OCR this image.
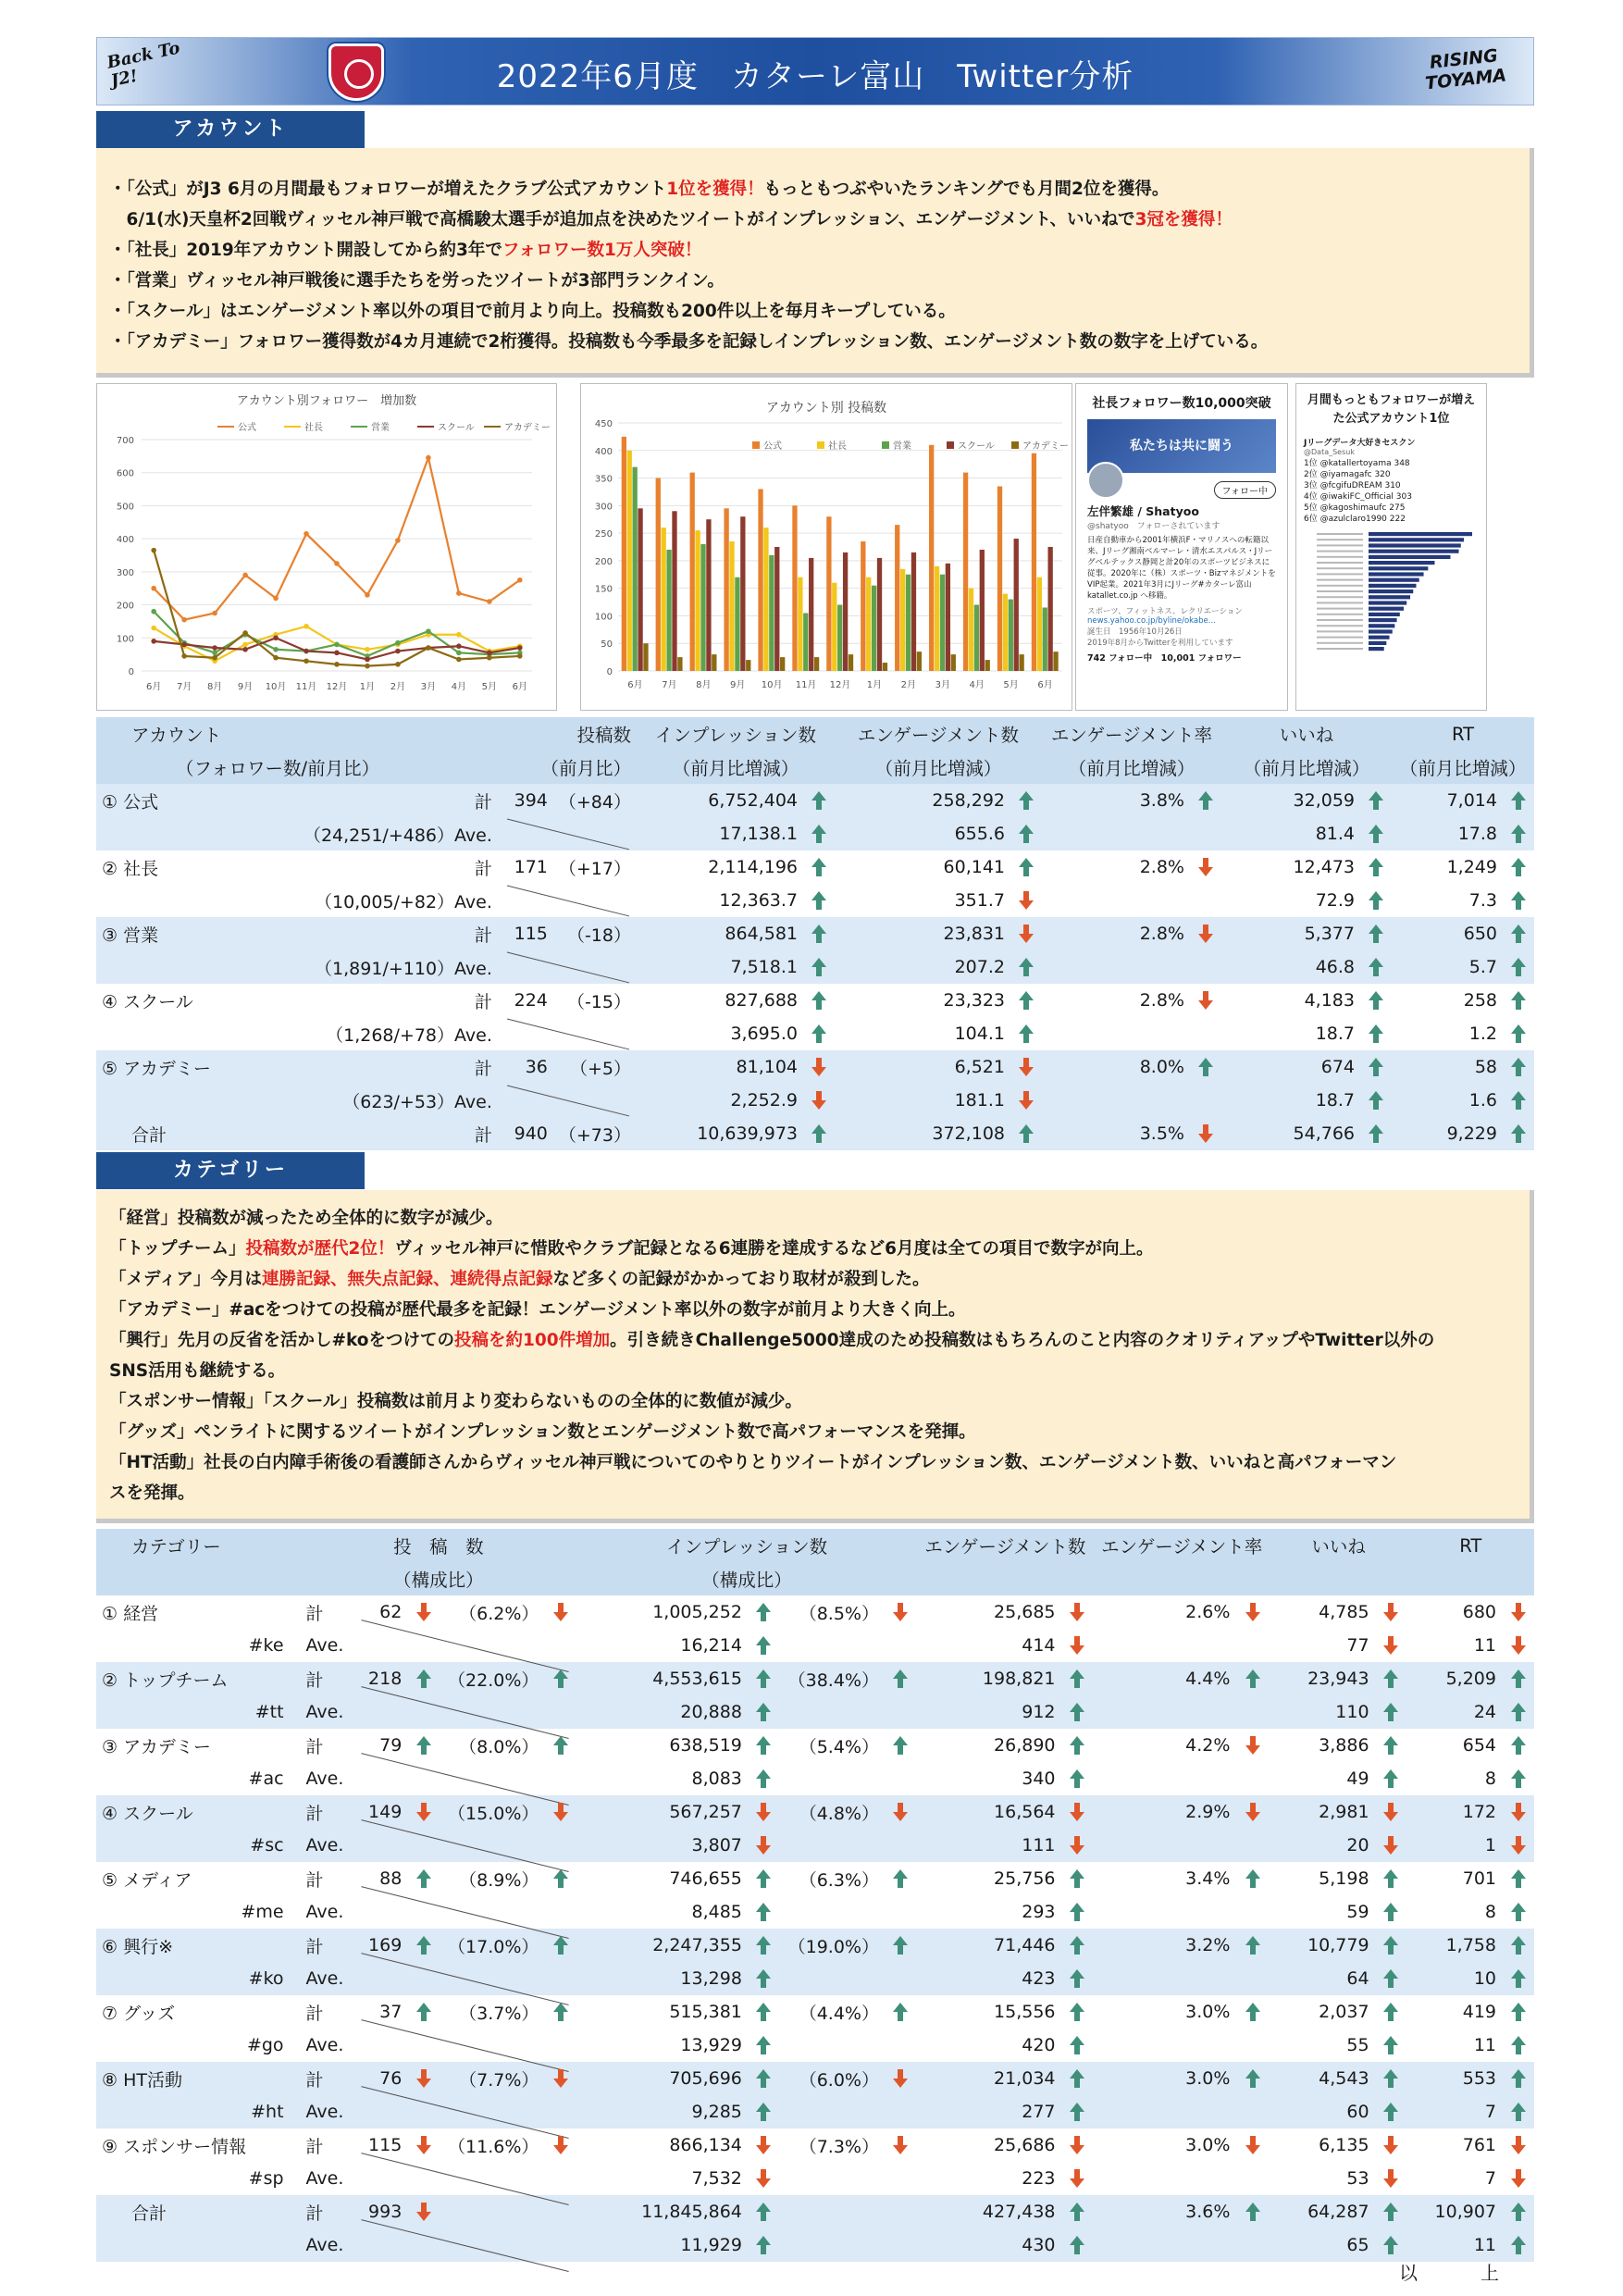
Back To J2!	2022年6月度　カターレ富山　Twitter分析	RISING TOYAMA
アカウント

・「公式」がJ3 6月の月間最もフォロワーが増えたクラブ公式アカウント1位を獲得！もっともつぶやいたランキングでも月間2位を獲得。

　6/1(水)天皇杯2回戦ヴィッセル神戸戦で高橋駿太選手が追加点を決めたツイートがインプレッション、エンゲージメント、いいねで3冠を獲得！

・「社長」2019年アカウント開設してから約3年でフォロワー数1万人突破！

・「営業」ヴィッセル神戸戦後に選手たちを労ったツイートが3部門ランクイン。

・「スクール」はエンゲージメント率以外の項目で前月より向上。投稿数も200件以上を毎月キープしている。

・「アカデミー」フォロワー獲得数が4カ月連続で2桁獲得。投稿数も今季最多を記録しインプレッション数、エンゲージメント数の数字を上げている。

アカウント別フォロワー　増加数
公式	社長	営業	スクール	アカデミー
0
100
200
300
400
500
600
700
6月 7月 8月 9月 10月 11月 12月 1月 2月 3月 4月 5月 6月
アカウント別 投稿数
公式	社長	営業	スクール	アカデミー
0
50
100
150
200
250
300
350
400
450
6月 7月 8月 9月 10月 11月 12月 1月 2月 3月 4月 5月 6月
社長フォロワー数10,000突破
私たちは共に闘う
フォロー中
左伴繁雄 / Shatyoo
@shatyoo　フォローされています
日産自動車から2001年横浜F・マリノスへの転籍以来、Jリーグ湘南ベルマーレ・清水エスパルス・Jリーグベルテックス静岡と計20年のスポーツビジネスに従事。2020年に（株）スポーツ・BizマネジメントをVIP起業。2021年3月にJリーグ#カターレ富山 katallet.co.jp へ移籍。
スポーツ、フィットネス、レクリエーション
news.yahoo.co.jp/byline/okabe...
誕生日　1956年10月26日
2019年8月からTwitterを利用しています
742 フォロー中　10,001 フォロワー
月間もっともフォロワーが増えた公式アカウント1位
Jリーグデータ大好きセスクン
@Data_Sesuk
1位 @katallertoyama 348
2位 @iyamagafc 320
3位 @fcgifuDREAM 310
4位 @iwakiFC_Official 303
5位 @kagoshimaufc 275
6位 @azulclaro1990 222
アカウント	投稿数		インプレッション数		エンゲージメント数		エンゲージメント率		いいね		RT	
（フォロワー数/前月比）	（前月比）		（前月比増減）		（前月比増減）		（前月比増減）		（前月比増減）		（前月比増減）	
① 公式 計	394	（+84）	6,752,404		258,292		3.8%		32,059		7,014	
（24,251/+486）Ave.			17,138.1		655.6				81.4		17.8	
② 社長 計	171	（+17）	2,114,196		60,141		2.8%		12,473		1,249	
（10,005/+82）Ave.			12,363.7		351.7				72.9		7.3	
③ 営業 計	115	（-18）	864,581		23,831		2.8%		5,377		650	
（1,891/+110）Ave.			7,518.1		207.2				46.8		5.7	
④ スクール 計	224	（-15）	827,688		23,323		2.8%		4,183		258	
（1,268/+78）Ave.			3,695.0		104.1				18.7		1.2	
⑤ アカデミー 計	36	（+5）	81,104		6,521		8.0%		674		58	
（623/+53）Ave.			2,252.9		181.1				18.7		1.6	
合計 計	940	（+73）	10,639,973		372,108		3.5%		54,766		9,229	
カテゴリー

「経営」投稿数が減ったため全体的に数字が減少。

「トップチーム」投稿数が歴代2位！ヴィッセル神戸に惜敗やクラブ記録となる6連勝を達成するなど6月度は全ての項目で数字が向上。

「メディア」今月は連勝記録、無失点記録、連続得点記録など多くの記録がかかっており取材が殺到した。

「アカデミー」#acをつけての投稿が歴代最多を記録！エンゲージメント率以外の数字が前月より大きく向上。

「興行」先月の反省を活かし#koをつけての投稿を約100件増加。引き続きChallenge5000達成のため投稿数はもちろんのこと内容のクオリティアップやTwitter以外の

SNS活用も継続する。

「スポンサー情報」「スクール」投稿数は前月より変わらないものの全体的に数値が減少。

「グッズ」ペンライトに関するツイートがインプレッション数とエンゲージメント数で高パフォーマンスを発揮。

「HT活動」社長の白内障手術後の看護師さんからヴィッセル神戸戦についてのやりとりツイートがインプレッション数、エンゲージメント数、いいねと高パフォーマン

スを発揮。

カテゴリー	投　稿　数					インプレッション数				エンゲージメント数		エンゲージメント率		いいね		RT	
	（構成比）					（構成比）											
① 経営	計	62		（6.2%）		1,005,252		（8.5%）		25,685		2.6%		4,785		680	
#ke	Ave.					16,214				414				77		11	
② トップチーム	計	218		（22.0%）		4,553,615		（38.4%）		198,821		4.4%		23,943		5,209	
#tt	Ave.					20,888				912				110		24	
③ アカデミー	計	79		（8.0%）		638,519		（5.4%）		26,890		4.2%		3,886		654	
#ac	Ave.					8,083				340				49		8	
④ スクール	計	149		（15.0%）		567,257		（4.8%）		16,564		2.9%		2,981		172	
#sc	Ave.					3,807				111				20		1	
⑤ メディア	計	88		（8.9%）		746,655		（6.3%）		25,756		3.4%		5,198		701	
#me	Ave.					8,485				293				59		8	
⑥ 興行※	計	169		（17.0%）		2,247,355		（19.0%）		71,446		3.2%		10,779		1,758	
#ko	Ave.					13,298				423				64		10	
⑦ グッズ	計	37		（3.7%）		515,381		（4.4%）		15,556		3.0%		2,037		419	
#go	Ave.					13,929				420				55		11	
⑧ HT活動	計	76		（7.7%）		705,696		（6.0%）		21,034		3.0%		4,543		553	
#ht	Ave.					9,285				277				60		7	
⑨ スポンサー情報	計	115		（11.6%）		866,134		（7.3%）		25,686		3.0%		6,135		761	
#sp	Ave.					7,532				223				53		7	
合計	計	993				11,845,864				427,438		3.6%		64,287		10,907	
	Ave.					11,929				430				65		11	
以　上
